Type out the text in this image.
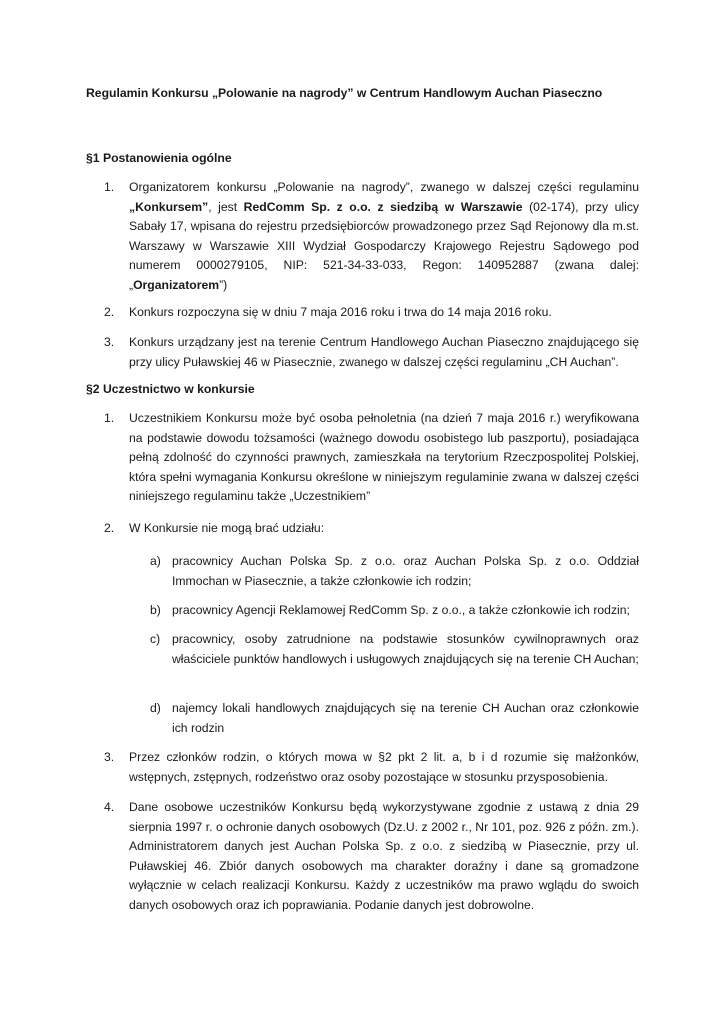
Regulamin Konkursu „Polowanie na nagrody” w Centrum Handlowym Auchan Piaseczno
§1 Postanowienia ogólne
1. Organizatorem konkursu „Polowanie na nagrody”, zwanego w dalszej części regulaminu „Konkursem”, jest RedComm Sp. z o.o. z siedzibą w Warszawie (02-174), przy ulicy Sabały 17, wpisana do rejestru przedsiębiorców prowadzonego przez Sąd Rejonowy dla m.st. Warszawy w Warszawie XIII Wydział Gospodarczy Krajowego Rejestru Sądowego pod numerem 0000279105, NIP: 521-34-33-033, Regon: 140952887 (zwana dalej: „Organizatorem”)
2. Konkurs rozpoczyna się w dniu 7 maja 2016 roku i trwa do 14 maja 2016 roku.
3. Konkurs urządzany jest na terenie Centrum Handlowego Auchan Piaseczno znajdującego się przy ulicy Puławskiej 46 w Piasecznie, zwanego w dalszej części regulaminu „CH Auchan”.
§2 Uczestnictwo w konkursie
1. Uczestnikiem Konkursu może być osoba pełnoletnia (na dzień 7 maja 2016 r.) weryfikowana na podstawie dowodu tożsamości (ważnego dowodu osobistego lub paszportu), posiadająca pełną zdolność do czynności prawnych, zamieszkała na terytorium Rzeczpospolitej Polskiej, która spełni wymagania Konkursu określone w niniejszym regulaminie zwana w dalszej części niniejszego regulaminu także „Uczestnikiem”
2. W Konkursie nie mogą brać udziału:
a) pracownicy Auchan Polska Sp. z o.o. oraz Auchan Polska Sp. z o.o. Oddział Immochan w Piasecznie, a także członkowie ich rodzin;
b) pracownicy Agencji Reklamowej RedComm Sp. z o.o., a także członkowie ich rodzin;
c) pracownicy, osoby zatrudnione na podstawie stosunków cywilnoprawnych oraz właściciele punktów handlowych i usługowych znajdujących się na terenie CH Auchan;
d) najemcy lokali handlowych znajdujących się na terenie CH Auchan oraz członkowie ich rodzin
3. Przez członków rodzin, o których mowa w §2 pkt 2 lit. a, b i d rozumie się małżonków, wstępnych, zstępnych, rodzeństwo oraz osoby pozostające w stosunku przysposobienia.
4. Dane osobowe uczestników Konkursu będą wykorzystywane zgodnie z ustawą z dnia 29 sierpnia 1997 r. o ochronie danych osobowych (Dz.U. z 2002 r., Nr 101, poz. 926 z późn. zm.). Administratorem danych jest Auchan Polska Sp. z o.o. z siedzibą w Piasecznie, przy ul. Puławskiej 46. Zbiór danych osobowych ma charakter doraźny i dane są gromadzone wyłącznie w celach realizacji Konkursu. Każdy z uczestników ma prawo wglądu do swoich danych osobowych oraz ich poprawiania. Podanie danych jest dobrowolne.
